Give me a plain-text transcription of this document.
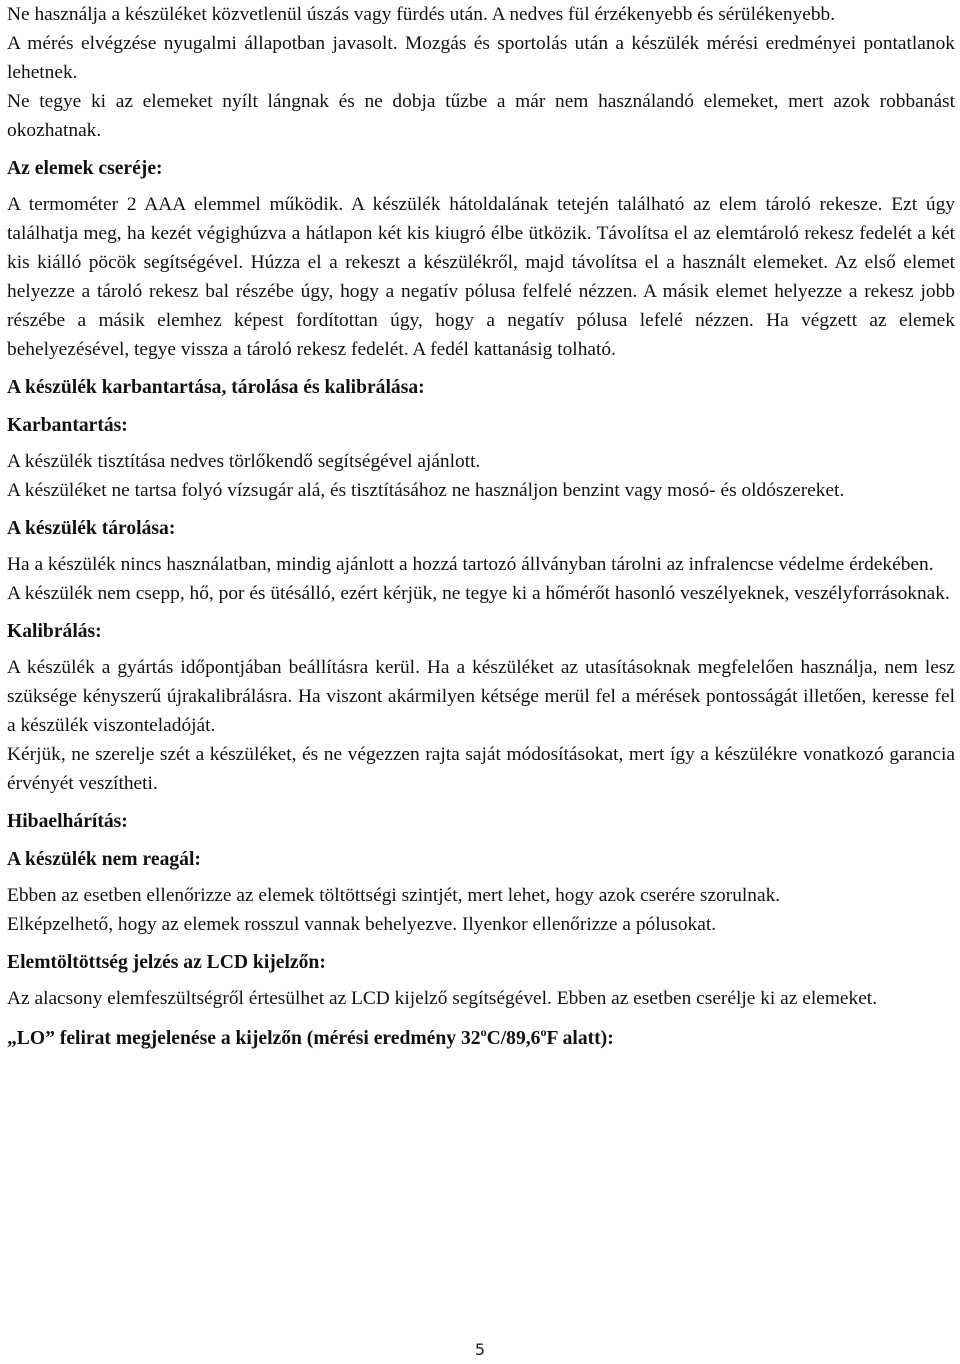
Ne használja a készüléket közvetlenül úszás vagy fürdés után. A nedves fül érzékenyebb és sérülékenyebb.

A mérés elvégzése nyugalmi állapotban javasolt. Mozgás és sportolás után a készülék mérési eredményei pontatlanok lehetnek.

Ne tegye ki az elemeket nyílt lángnak és ne dobja tűzbe a már nem használandó elemeket, mert azok robbanást okozhatnak.

Az elemek cseréje:

A termométer 2 AAA elemmel működik. A készülék hátoldalának tetején található az elem tároló rekesze. Ezt úgy találhatja meg, ha kezét végighúzva a hátlapon két kis kiugró élbe ütközik. Távolítsa el az elemtároló rekesz fedelét a két kis kiálló pöcök segítségével. Húzza el a rekeszt a készülékről, majd távolítsa el a használt elemeket. Az első elemet helyezze a tároló rekesz bal részébe úgy, hogy a negatív pólusa felfelé nézzen. A másik elemet helyezze a rekesz jobb részébe a másik elemhez képest fordítottan úgy, hogy a negatív pólusa lefelé nézzen. Ha végzett az elemek behelyezésével, tegye vissza a tároló rekesz fedelét. A fedél kattanásig tolható.

A készülék karbantartása, tárolása és kalibrálása:
Karbantartás:

A készülék tisztítása nedves törlőkendő segítségével ajánlott.

A készüléket ne tartsa folyó vízsugár alá, és tisztításához ne használjon benzint vagy mosó- és oldószereket.

A készülék tárolása:

Ha a készülék nincs használatban, mindig ajánlott a hozzá tartozó állványban tárolni az infralencse védelme érdekében.

A készülék nem csepp, hő, por és ütésálló, ezért kérjük, ne tegye ki a hőmérőt hasonló veszélyeknek, veszélyforrásoknak.

Kalibrálás:

A készülék a gyártás időpontjában beállításra kerül. Ha a készüléket az utasításoknak megfelelően használja, nem lesz szüksége kényszerű újrakalibrálásra. Ha viszont akármilyen kétsége merül fel a mérések pontosságát illetően, keresse fel a készülék viszonteladóját.

Kérjük, ne szerelje szét a készüléket, és ne végezzen rajta saját módosításokat, mert így a készülékre vonatkozó garancia érvényét veszítheti.

Hibaelhárítás:
A készülék nem reagál:

Ebben az esetben ellenőrizze az elemek töltöttségi szintjét, mert lehet, hogy azok cserére szorulnak.

Elképzelhető, hogy az elemek rosszul vannak behelyezve. Ilyenkor ellenőrizze a pólusokat.

Elemtöltöttség jelzés az LCD kijelzőn:

Az alacsony elemfeszültségről értesülhet az LCD kijelző segítségével. Ebben az esetben cserélje ki az elemeket.

„LO” felirat megjelenése a kijelzőn (mérési eredmény 32$^o$C/89,6$^o$F alatt):
5
